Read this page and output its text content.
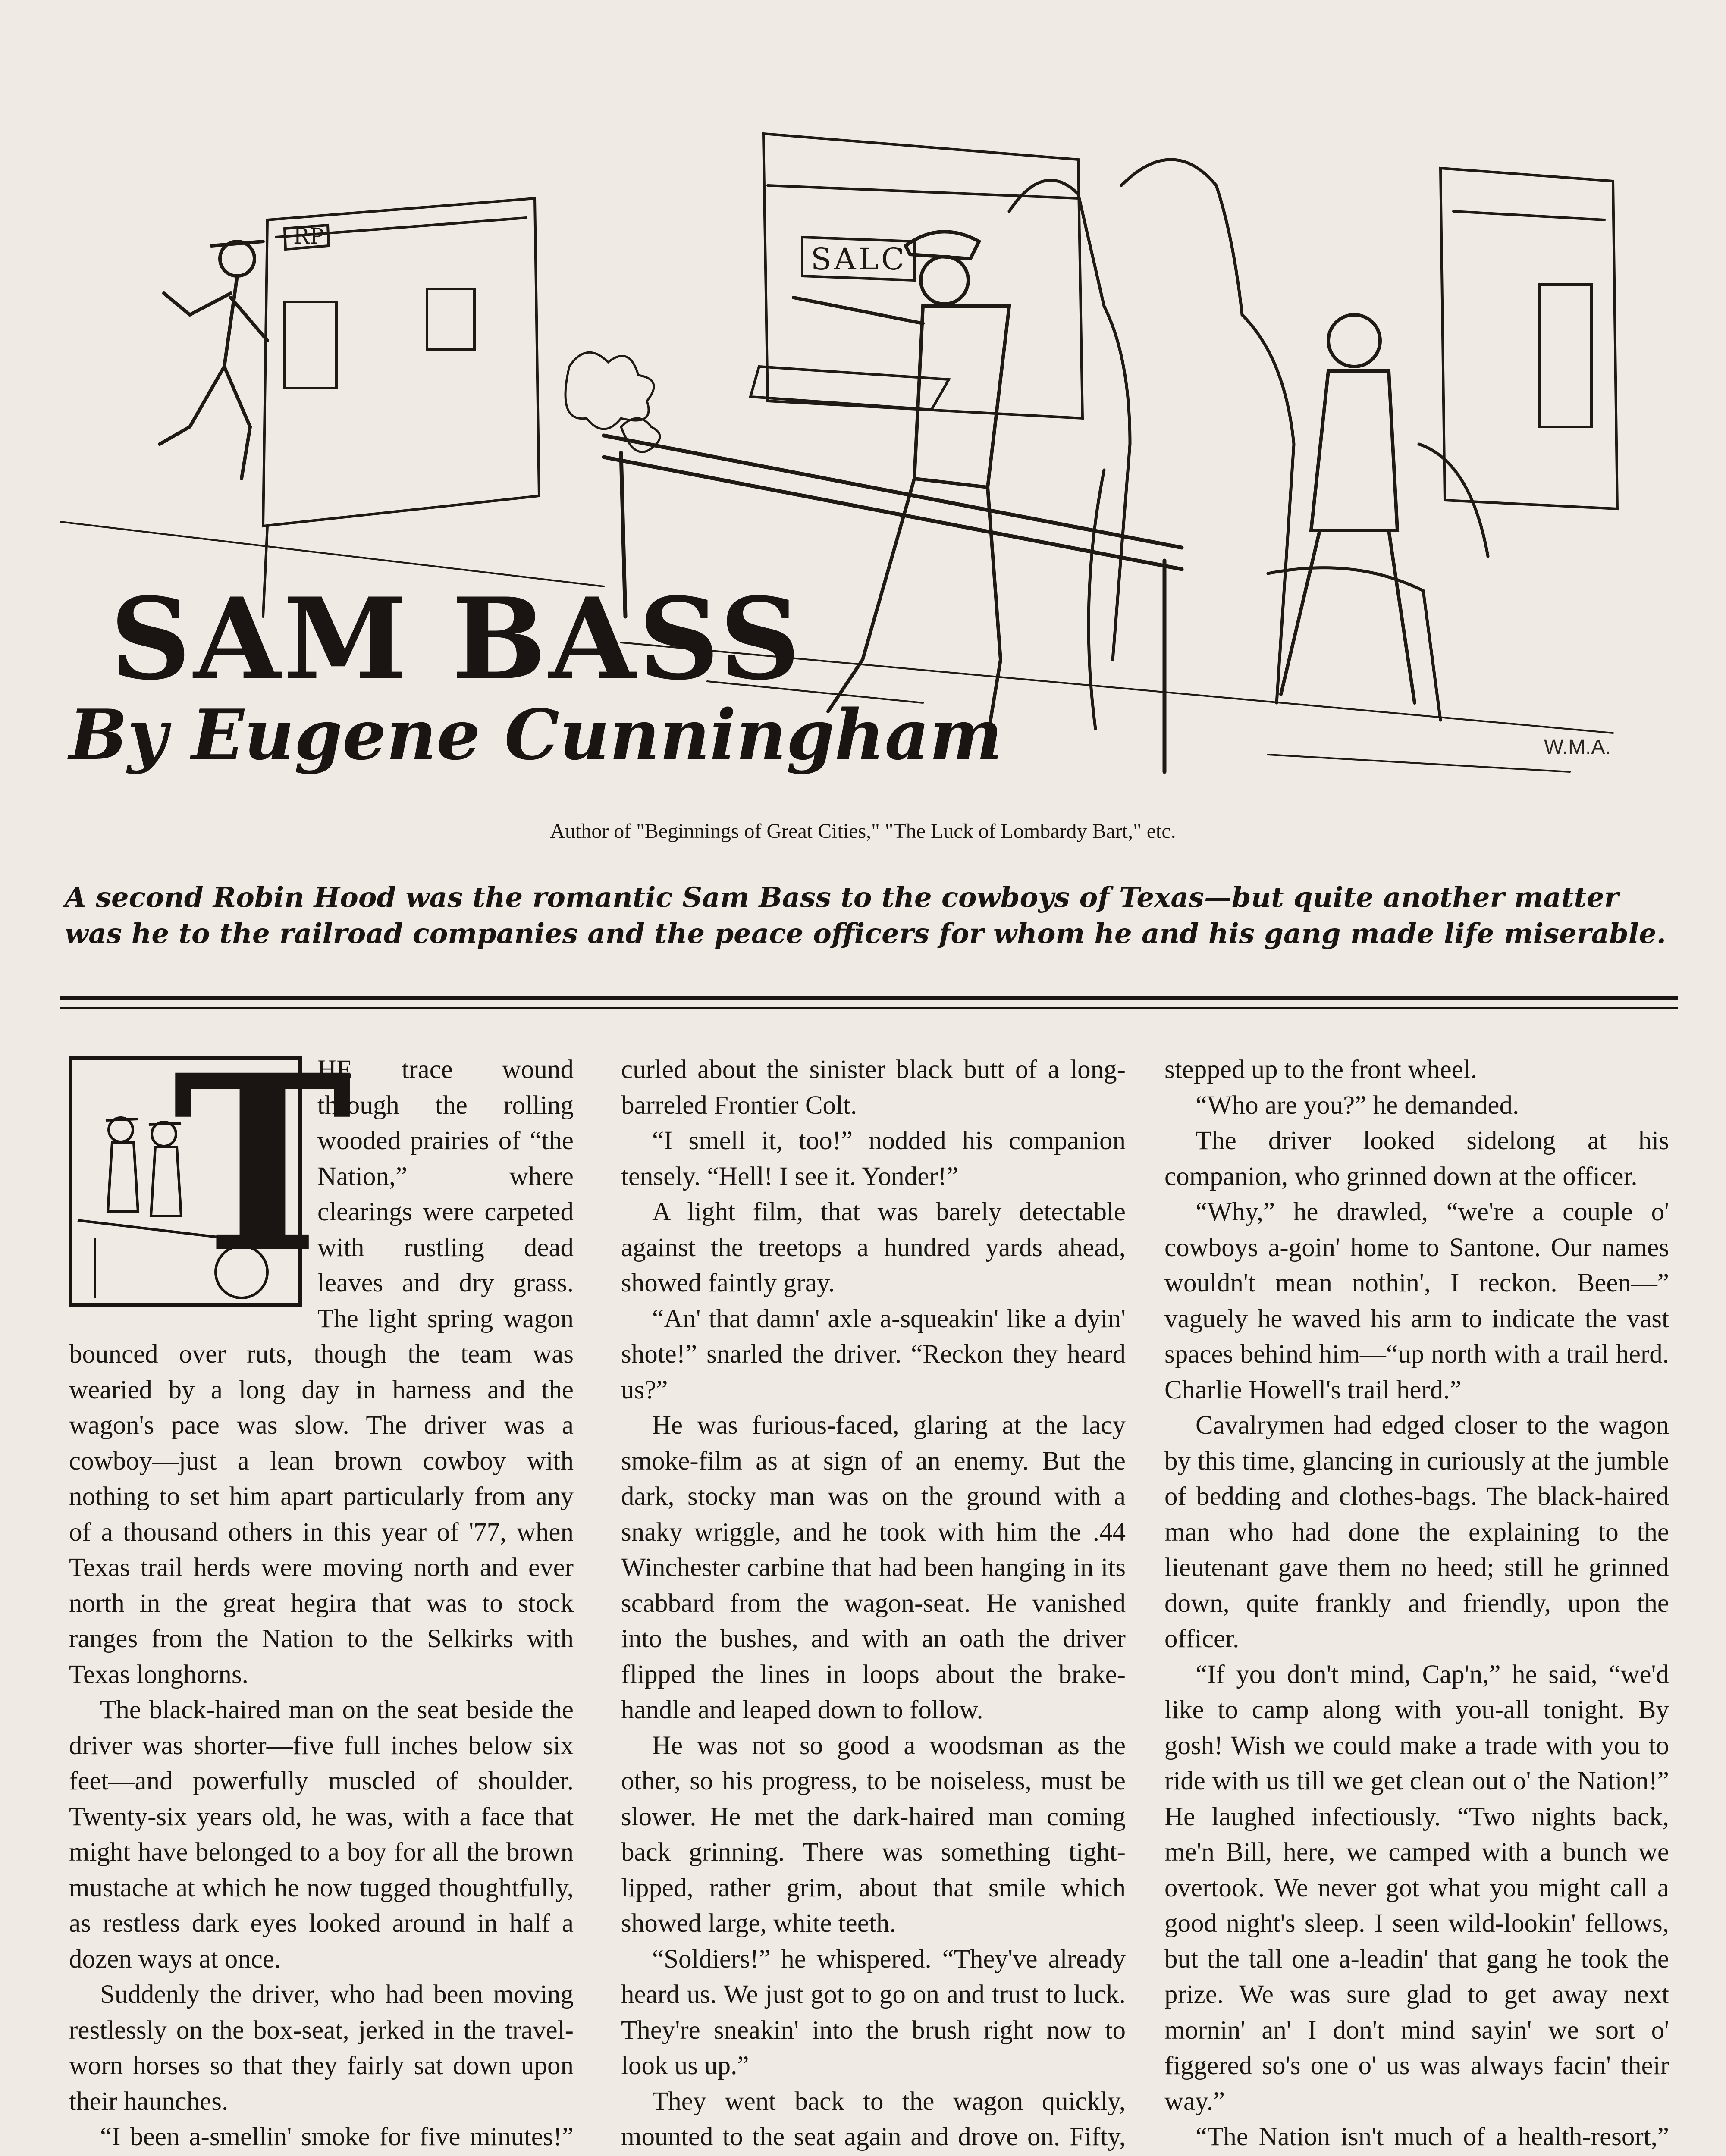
RP
SALC
SAM BASS
By Eugene Cunningham	W.M.A.
Author of "Beginnings of Great Cities," "The Luck of Lombardy Bart," etc.
A second Robin Hood was the romantic Sam Bass to the cowboys of Texas—but quite another matter was he to the railroad companies and the peace officers for whom he and his gang made life miserable.
T

HE trace wound through the rolling wooded prairies of “the Nation,” where clearings were carpeted with rustling dead leaves and dry grass. The light spring wagon bounced over ruts, though the team was wearied by a long day in harness and the wagon's pace was slow. The driver was a cowboy—just a lean brown cowboy with nothing to set him apart particularly from any of a thousand others in this year of '77, when Texas trail herds were moving north and ever north in the great hegira that was to stock ranges from the Nation to the Selkirks with Texas longhorns.

The black-haired man on the seat beside the driver was shorter—five full inches below six feet—and powerfully muscled of shoulder. Twenty-six years old, he was, with a face that might have belonged to a boy for all the brown mustache at which he now tugged thoughtfully, as restless dark eyes looked around in half a dozen ways at once.

Suddenly the driver, who had been moving restlessly on the box-seat, jerked in the travel-worn horses so that they fairly sat down upon their haunches.

“I been a-smellin' smoke for five minutes!”

curled about the sinister black butt of a long-barreled Frontier Colt.

“I smell it, too!” nodded his companion tensely. “Hell! I see it. Yonder!”

A light film, that was barely detectable against the treetops a hundred yards ahead, showed faintly gray.

“An' that damn' axle a-squeakin' like a dyin' shote!” snarled the driver. “Reckon they heard us?”

He was furious-faced, glaring at the lacy smoke-film as at sign of an enemy. But the dark, stocky man was on the ground with a snaky wriggle, and he took with him the .44 Winchester carbine that had been hanging in its scabbard from the wagon-seat. He vanished into the bushes, and with an oath the driver flipped the lines in loops about the brake-handle and leaped down to follow.

He was not so good a woodsman as the other, so his progress, to be noiseless, must be slower. He met the dark-haired man coming back grinning. There was something tight-lipped, rather grim, about that smile which showed large, white teeth.

“Soldiers!” he whispered. “They've already heard us. We just got to go on and trust to luck. They're sneakin' into the brush right now to look us up.”

They went back to the wagon quickly, mounted to the seat again and drove on. Fifty,

stepped up to the front wheel.

“Who are you?” he demanded.

The driver looked sidelong at his companion, who grinned down at the officer.

“Why,” he drawled, “we're a couple o' cowboys a-goin' home to Santone. Our names wouldn't mean nothin', I reckon. Been—” vaguely he waved his arm to indicate the vast spaces behind him—“up north with a trail herd. Charlie Howell's trail herd.”

Cavalrymen had edged closer to the wagon by this time, glancing in curiously at the jumble of bedding and clothes-bags. The black-haired man who had done the explaining to the lieutenant gave them no heed; still he grinned down, quite frankly and friendly, upon the officer.

“If you don't mind, Cap'n,” he said, “we'd like to camp along with you-all tonight. By gosh! Wish we could make a trade with you to ride with us till we get clean out o' the Nation!” He laughed infectiously. “Two nights back, me'n Bill, here, we camped with a bunch we overtook. We never got what you might call a good night's sleep. I seen wild-lookin' fellows, but the tall one a-leadin' that gang he took the prize. We was sure glad to get away next mornin' an' I don't mind sayin' we sort o' figgered so's one o' us was always facin' their way.”

“The Nation isn't much of a health-resort,”
